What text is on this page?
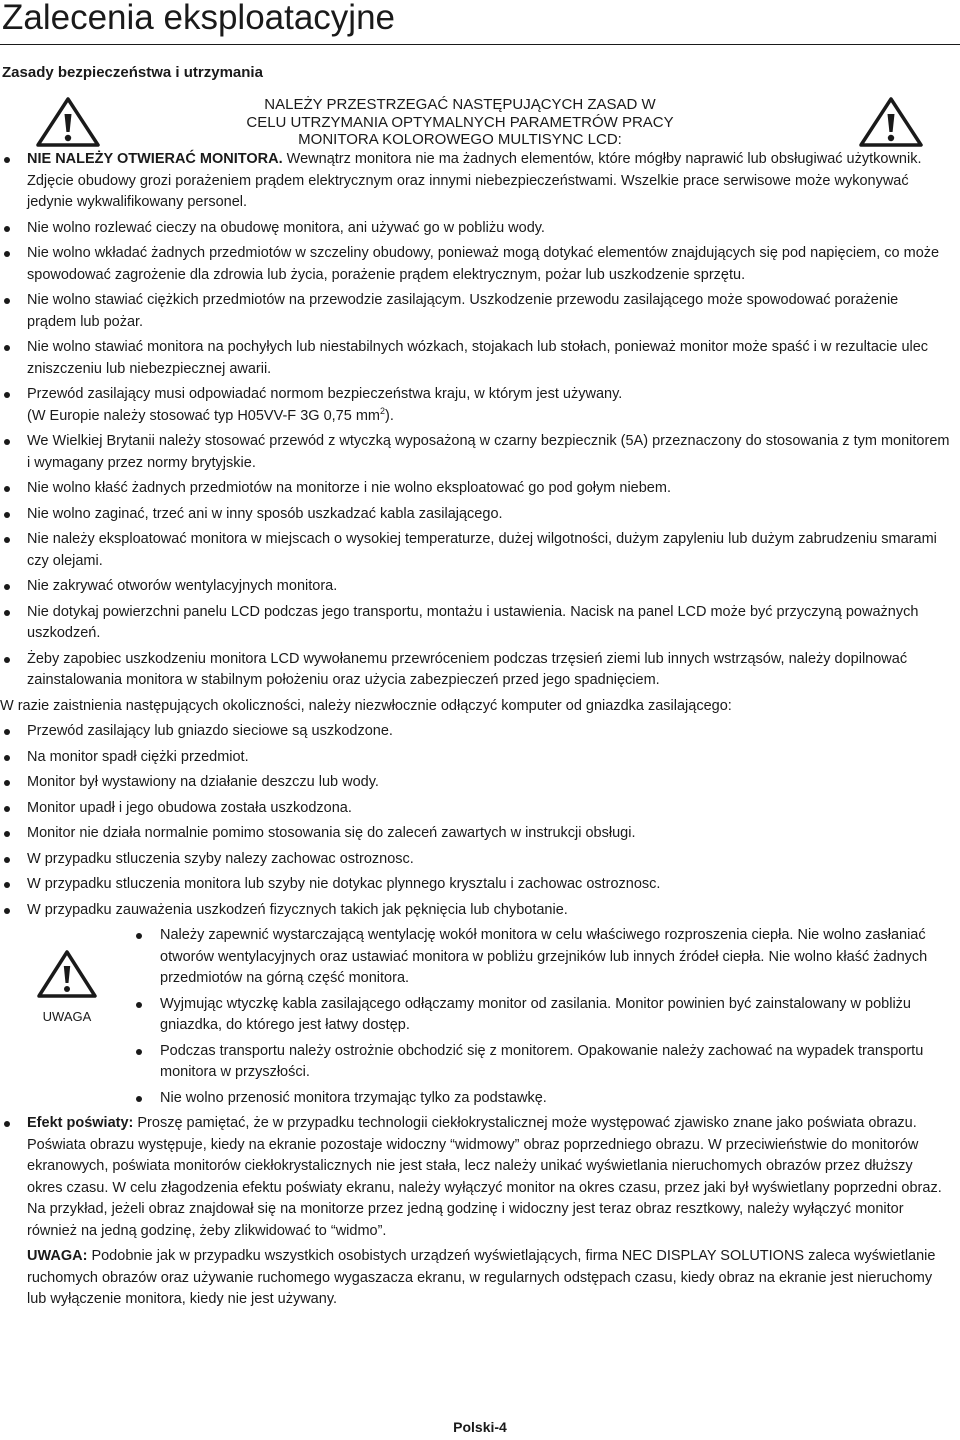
Zalecenia eksploatacyjne
Zasady bezpieczeństwa i utrzymania
NALEŻY PRZESTRZEGAĆ NASTĘPUJĄCYCH ZASAD W
CELU UTRZYMANIA OPTYMALNYCH PARAMETRÓW PRACY
MONITORA KOLOROWEGO MULTISYNC LCD:
NIE NALEŻY OTWIERAĆ MONITORA. Wewnątrz monitora nie ma żadnych elementów, które mógłby naprawić lub obsługiwać użytkownik. Zdjęcie obudowy grozi porażeniem prądem elektrycznym oraz innymi niebezpieczeństwami. Wszelkie prace serwisowe może wykonywać jedynie wykwalifikowany personel.
Nie wolno rozlewać cieczy na obudowę monitora, ani używać go w pobliżu wody.
Nie wolno wkładać żadnych przedmiotów w szczeliny obudowy, ponieważ mogą dotykać elementów znajdujących się pod napięciem, co może spowodować zagrożenie dla zdrowia lub życia, porażenie prądem elektrycznym, pożar lub uszkodzenie sprzętu.
Nie wolno stawiać ciężkich przedmiotów na przewodzie zasilającym. Uszkodzenie przewodu zasilającego może spowodować porażenie prądem lub pożar.
Nie wolno stawiać monitora na pochyłych lub niestabilnych wózkach, stojakach lub stołach, ponieważ monitor może spaść i w rezultacie ulec zniszczeniu lub niebezpiecznej awarii.
Przewód zasilający musi odpowiadać normom bezpieczeństwa kraju, w którym jest używany.
(W Europie należy stosować typ H05VV-F 3G 0,75 $mm^2$).
We Wielkiej Brytanii należy stosować przewód z wtyczką wyposażoną w czarny bezpiecznik (5A) przeznaczony do stosowania z tym monitorem i wymagany przez normy brytyjskie.
Nie wolno kłaść żadnych przedmiotów na monitorze i nie wolno eksploatować go pod gołym niebem.
Nie wolno zaginać, trzeć ani w inny sposób uszkadzać kabla zasilającego.
Nie należy eksploatować monitora w miejscach o wysokiej temperaturze, dużej wilgotności, dużym zapyleniu lub dużym zabrudzeniu smarami czy olejami.
Nie zakrywać otworów wentylacyjnych monitora.
Nie dotykaj powierzchni panelu LCD podczas jego transportu, montażu i ustawienia. Nacisk na panel LCD może być przyczyną poważnych uszkodzeń.
Żeby zapobiec uszkodzeniu monitora LCD wywołanemu przewróceniem podczas trzęsień ziemi lub innych wstrząsów, należy dopilnować zainstalowania monitora w stabilnym położeniu oraz użycia zabezpieczeń przed jego spadnięciem.

W razie zaistnienia następujących okoliczności, należy niezwłocznie odłączyć komputer od gniazdka zasilającego:

Przewód zasilający lub gniazdo sieciowe są uszkodzone.
Na monitor spadł ciężki przedmiot.
Monitor był wystawiony na działanie deszczu lub wody.
Monitor upadł i jego obudowa została uszkodzona.
Monitor nie działa normalnie pomimo stosowania się do zaleceń zawartych w instrukcji obsługi.
W przypadku stluczenia szyby nalezy zachowac ostroznosc.
W przypadku stluczenia monitora lub szyby nie dotykac plynnego krysztalu i zachowac ostroznosc.
W przypadku zauważenia uszkodzeń fizycznych takich jak pęknięcia lub chybotanie.
UWAGA
Należy zapewnić wystarczającą wentylację wokół monitora w celu właściwego rozproszenia ciepła. Nie wolno zasłaniać otworów wentylacyjnych oraz ustawiać monitora w pobliżu grzejników lub innych źródeł ciepła. Nie wolno kłaść żadnych przedmiotów na górną część monitora.
Wyjmując wtyczkę kabla zasilającego odłączamy monitor od zasilania. Monitor powinien być zainstalowany w pobliżu gniazdka, do którego jest łatwy dostęp.
Podczas transportu należy ostrożnie obchodzić się z monitorem. Opakowanie należy zachować na wypadek transportu monitora w przyszłości.
Nie wolno przenosić monitora trzymając tylko za podstawkę.
Efekt poświaty: Proszę pamiętać, że w przypadku technologii ciekłokrystalicznej może występować zjawisko znane jako poświata obrazu. Poświata obrazu występuje, kiedy na ekranie pozostaje widoczny “widmowy” obraz poprzedniego obrazu. W przeciwieństwie do monitorów ekranowych, poświata monitorów ciekłokrystalicznych nie jest stała, lecz należy unikać wyświetlania nieruchomych obrazów przez dłuższy okres czasu. W celu złagodzenia efektu poświaty ekranu, należy wyłączyć monitor na okres czasu, przez jaki był wyświetlany poprzedni obraz. Na przykład, jeżeli obraz znajdował się na monitorze przez jedną godzinę i widoczny jest teraz obraz resztkowy, należy wyłączyć monitor również na jedną godzinę, żeby zlikwidować to “widmo”.

UWAGA: Podobnie jak w przypadku wszystkich osobistych urządzeń wyświetlających, firma NEC DISPLAY SOLUTIONS zaleca wyświetlanie ruchomych obrazów oraz używanie ruchomego wygaszacza ekranu, w regularnych odstępach czasu, kiedy obraz na ekranie jest nieruchomy lub wyłączenie monitora, kiedy nie jest używany.

Polski-4
